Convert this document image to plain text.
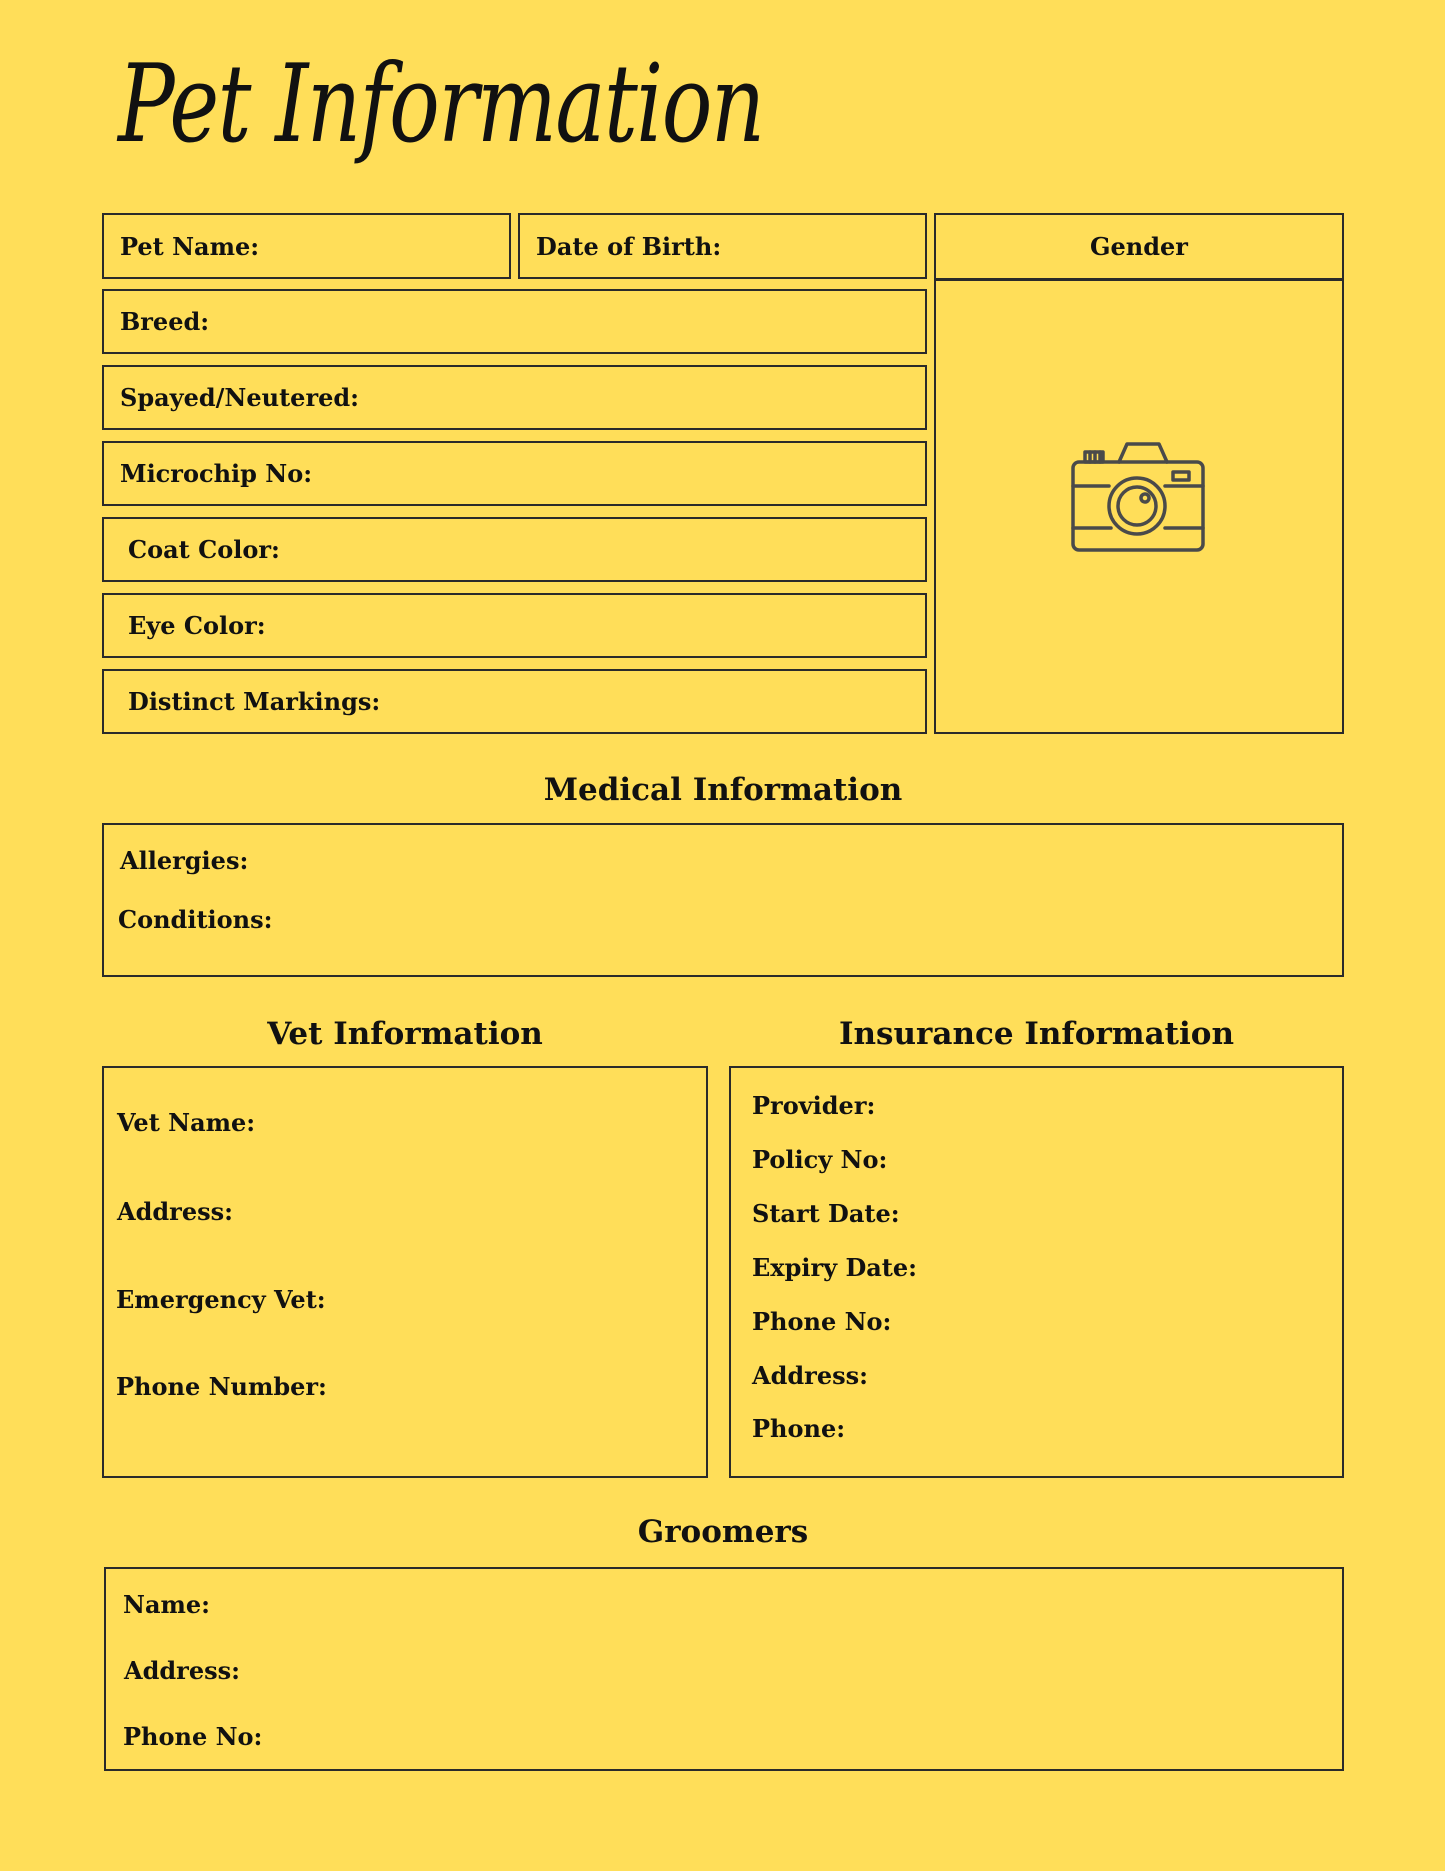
Pet Information
Pet Name:	Date of Birth:	Gender
Breed:
Spayed/Neutered:
Microchip No:
Coat Color:
Eye Color:
Distinct Markings:
Medical Information
Allergies:
Conditions:
Vet Information
Vet Name:
Address:
Emergency Vet:
Phone Number:
Insurance Information
Provider:
Policy No:
Start Date:
Expiry Date:
Phone No:
Address:
Phone:
Groomers
Name:
Address:
Phone No:
